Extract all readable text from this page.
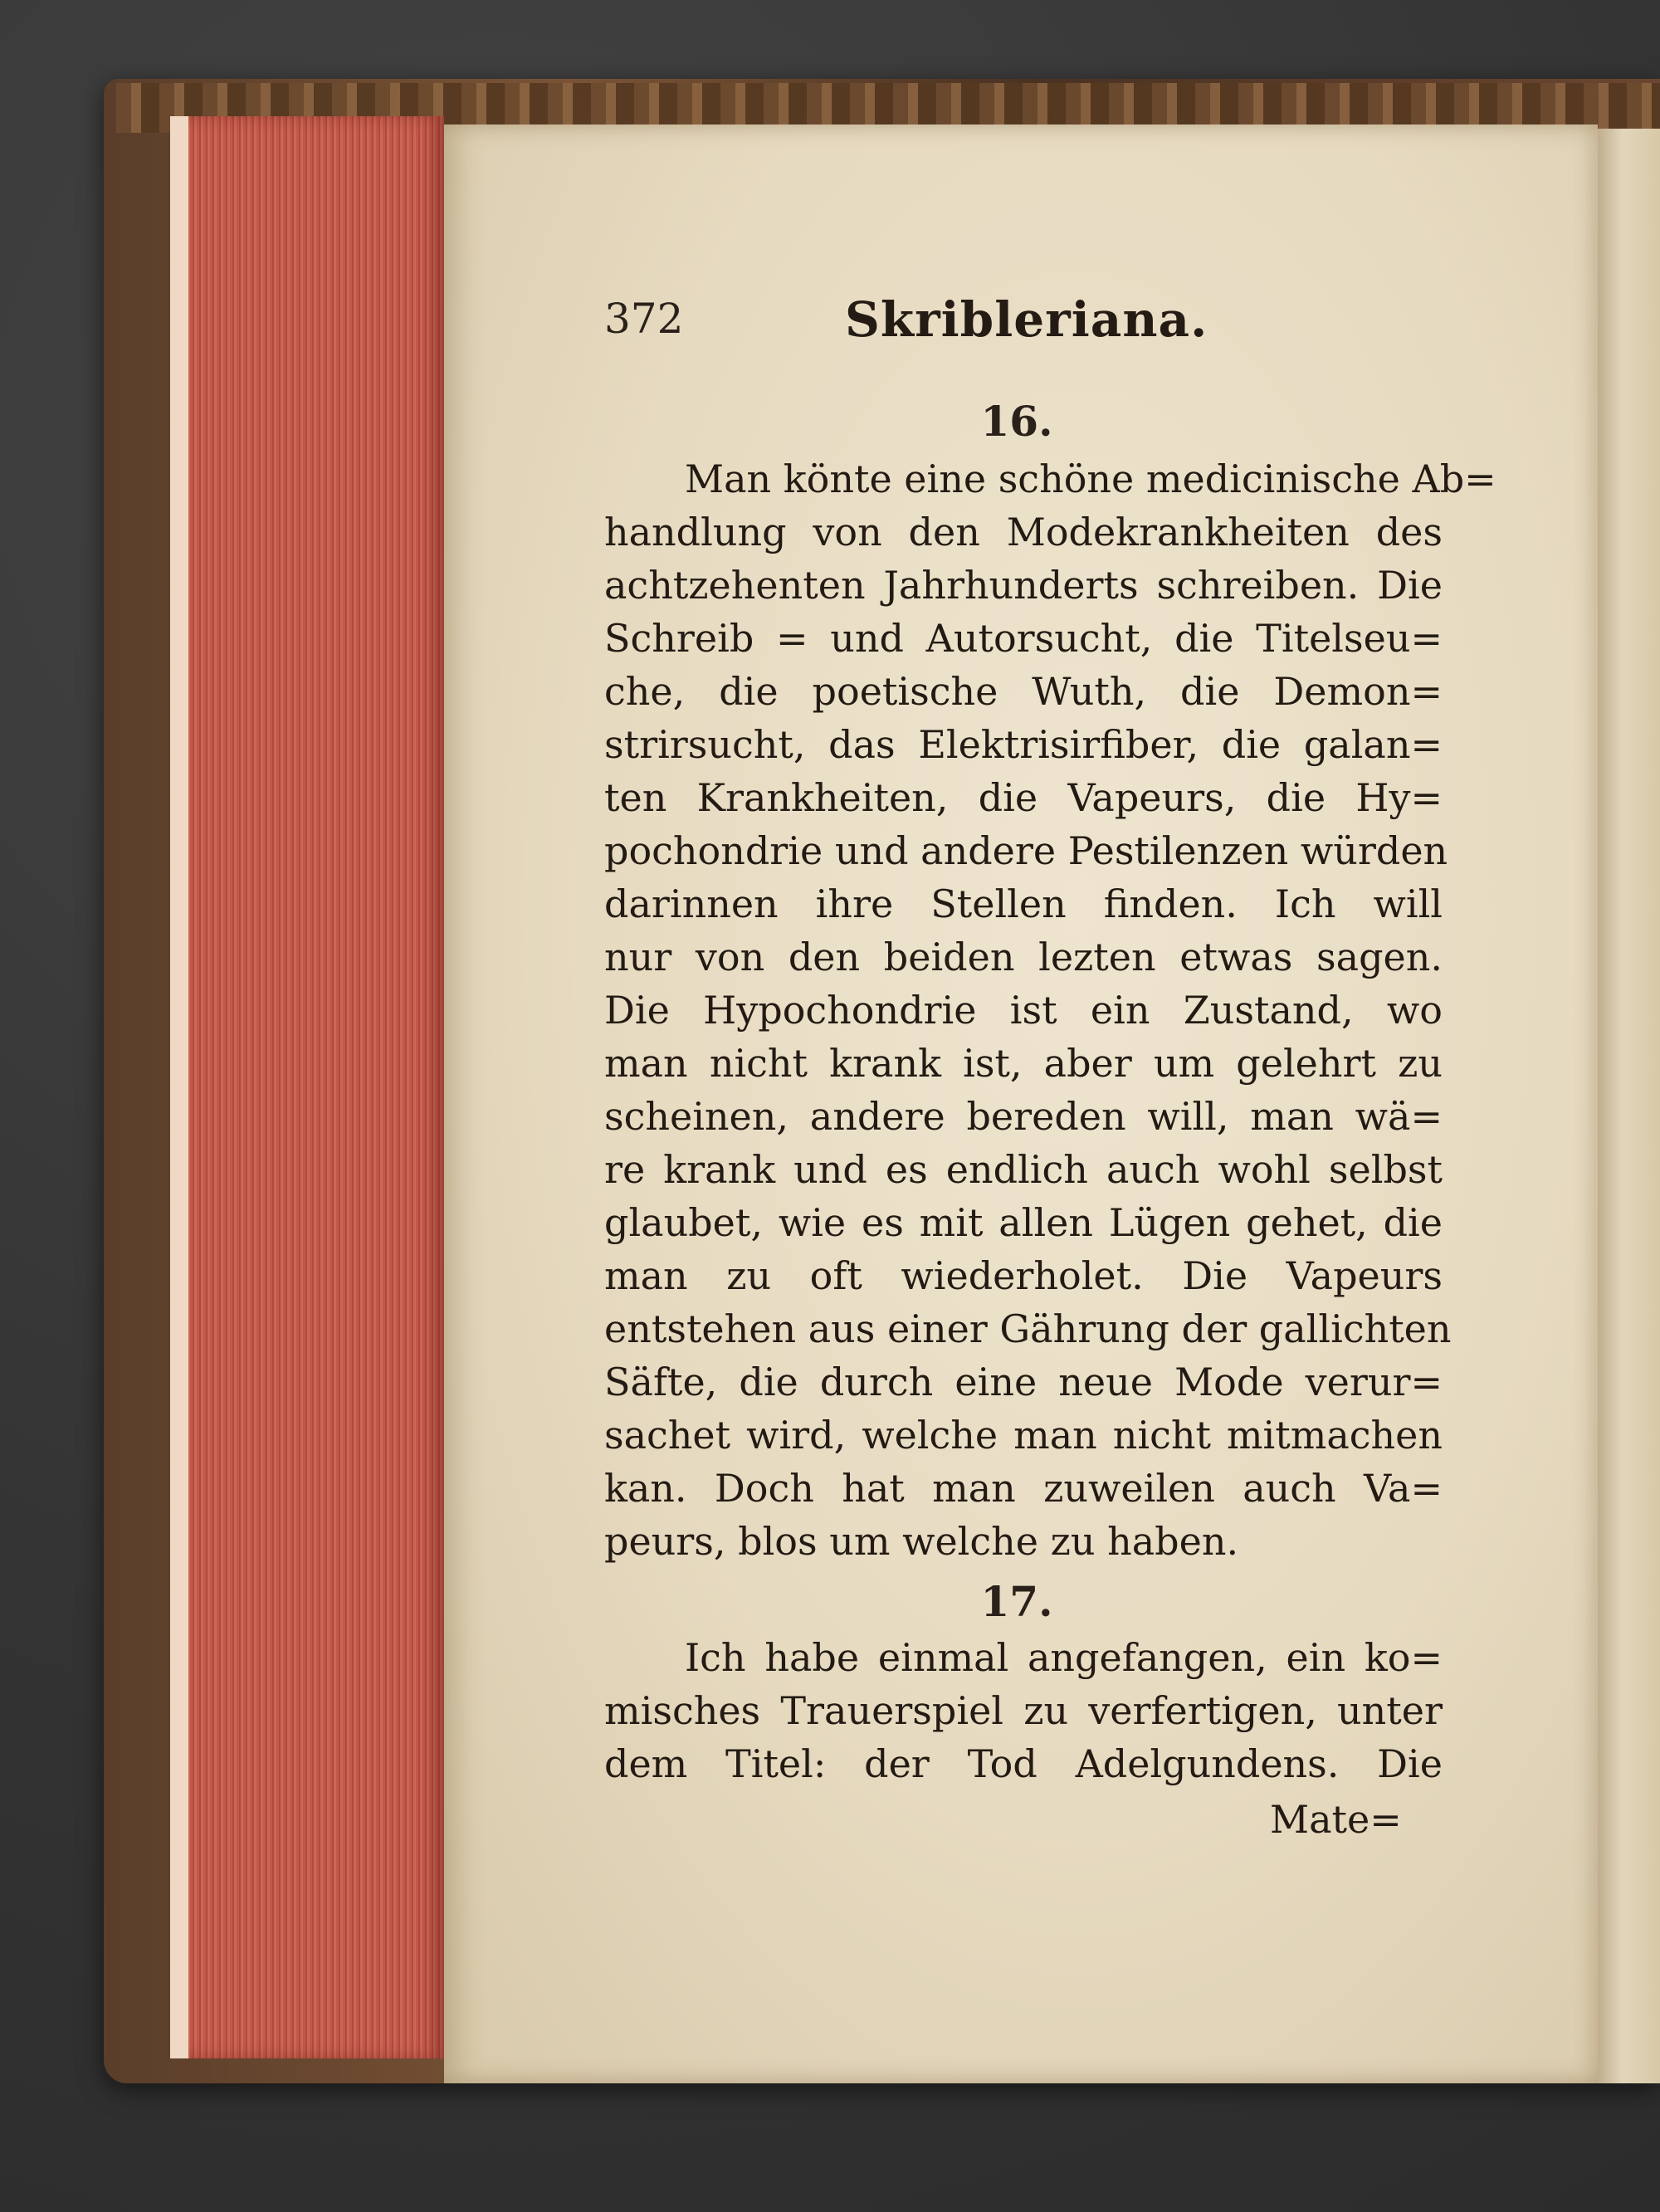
372	Skribleriana.
16.
Man könte eine schöne medicinische Ab=
handlung von den Modekrankheiten des
achtzehenten Jahrhunderts schreiben. Die
Schreib = und Autorsucht, die Titelseu=
che, die poetische Wuth, die Demon=
strirsucht, das Elektrisirfiber, die galan=
ten Krankheiten, die Vapeurs, die Hy=
pochondrie und andere Pestilenzen würden
darinnen ihre Stellen finden. Ich will
nur von den beiden lezten etwas sagen.
Die Hypochondrie ist ein Zustand, wo
man nicht krank ist, aber um gelehrt zu
scheinen, andere bereden will, man wä=
re krank und es endlich auch wohl selbst
glaubet, wie es mit allen Lügen gehet, die
man zu oft wiederholet. Die Vapeurs
entstehen aus einer Gährung der gallichten
Säfte, die durch eine neue Mode verur=
sachet wird, welche man nicht mitmachen
kan. Doch hat man zuweilen auch Va=
peurs, blos um welche zu haben.
17.
Ich habe einmal angefangen, ein ko=
misches Trauerspiel zu verfertigen, unter
dem Titel: der Tod Adelgundens. Die
Mate=
